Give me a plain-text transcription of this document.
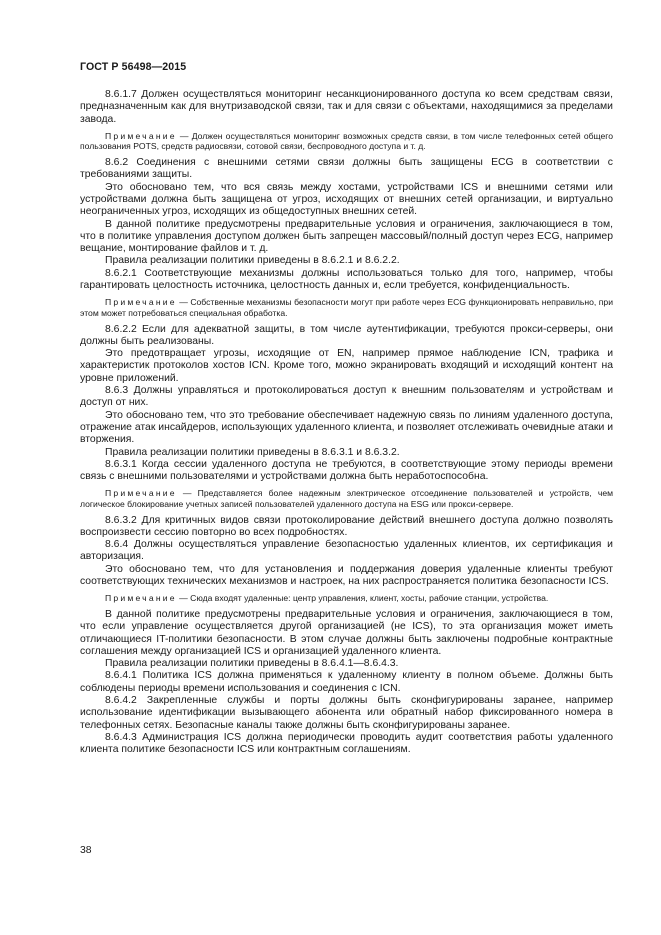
ГОСТ Р 56498—2015

8.6.1.7 Должен осуществляться мониторинг несанкционированного доступа ко всем средствам связи, предназначенным как для внутризаводской связи, так и для связи с объектами, находящимися за пределами завода.

Примечание — Должен осуществляться мониторинг возможных средств связи, в том числе телефонных сетей общего пользования POTS, средств радиосвязи, сотовой связи, беспроводного доступа и т. д.

8.6.2 Соединения с внешними сетями связи должны быть защищены ECG в соответствии с требованиями защиты.

Это обосновано тем, что вся связь между хостами, устройствами ICS и внешними сетями или устройствами должна быть защищена от угроз, исходящих от внешних сетей организации, и виртуально неограниченных угроз, исходящих из общедоступных внешних сетей.

В данной политике предусмотрены предварительные условия и ограничения, заключающиеся в том, что в политике управления доступом должен быть запрещен массовый/полный доступ через ECG, например вещание, монтирование файлов и т. д.

Правила реализации политики приведены в 8.6.2.1 и 8.6.2.2.

8.6.2.1 Соответствующие механизмы должны использоваться только для того, например, чтобы гарантировать целостность источника, целостность данных и, если требуется, конфиденциальность.

Примечание — Собственные механизмы безопасности могут при работе через ECG функционировать неправильно, при этом может потребоваться специальная обработка.

8.6.2.2 Если для адекватной защиты, в том числе аутентификации, требуются прокси-серверы, они должны быть реализованы.

Это предотвращает угрозы, исходящие от EN, например прямое наблюдение ICN, трафика и характеристик протоколов хостов ICN. Кроме того, можно экранировать входящий и исходящий контент на уровне приложений.

8.6.3 Должны управляться и протоколироваться доступ к внешним пользователям и устройствам и доступ от них.

Это обосновано тем, что это требование обеспечивает надежную связь по линиям удаленного доступа, отражение атак инсайдеров, использующих удаленного клиента, и позволяет отслеживать очевидные атаки и вторжения.

Правила реализации политики приведены в 8.6.3.1 и 8.6.3.2.

8.6.3.1 Когда сессии удаленного доступа не требуются, в соответствующие этому периоды времени связь с внешними пользователями и устройствами должна быть неработоспособна.

Примечание — Представляется более надежным электрическое отсоединение пользователей и устройств, чем логическое блокирование учетных записей пользователей удаленного доступа на ESG или прокси-сервере.

8.6.3.2 Для критичных видов связи протоколирование действий внешнего доступа должно позволять воспроизвести сессию повторно во всех подробностях.

8.6.4 Должны осуществляться управление безопасностью удаленных клиентов, их сертификация и авторизация.

Это обосновано тем, что для установления и поддержания доверия удаленные клиенты требуют соответствующих технических механизмов и настроек, на них распространяется политика безопасности ICS.

Примечание — Сюда входят удаленные: центр управления, клиент, хосты, рабочие станции, устройства.

В данной политике предусмотрены предварительные условия и ограничения, заключающиеся в том, что если управление осуществляется другой организацией (не ICS), то эта организация может иметь отличающиеся IT-политики безопасности. В этом случае должны быть заключены подробные контрактные соглашения между организацией ICS и организацией удаленного клиента.

Правила реализации политики приведены в 8.6.4.1—8.6.4.3.

8.6.4.1 Политика ICS должна применяться к удаленному клиенту в полном объеме. Должны быть соблюдены периоды времени использования и соединения с ICN.

8.6.4.2 Закрепленные службы и порты должны быть сконфигурированы заранее, например использование идентификации вызывающего абонента или обратный набор фиксированного номера в телефонных сетях. Безопасные каналы также должны быть сконфигурированы заранее.

8.6.4.3 Администрация ICS должна периодически проводить аудит соответствия работы удаленного клиента политике безопасности ICS или контрактным соглашениям.

38
